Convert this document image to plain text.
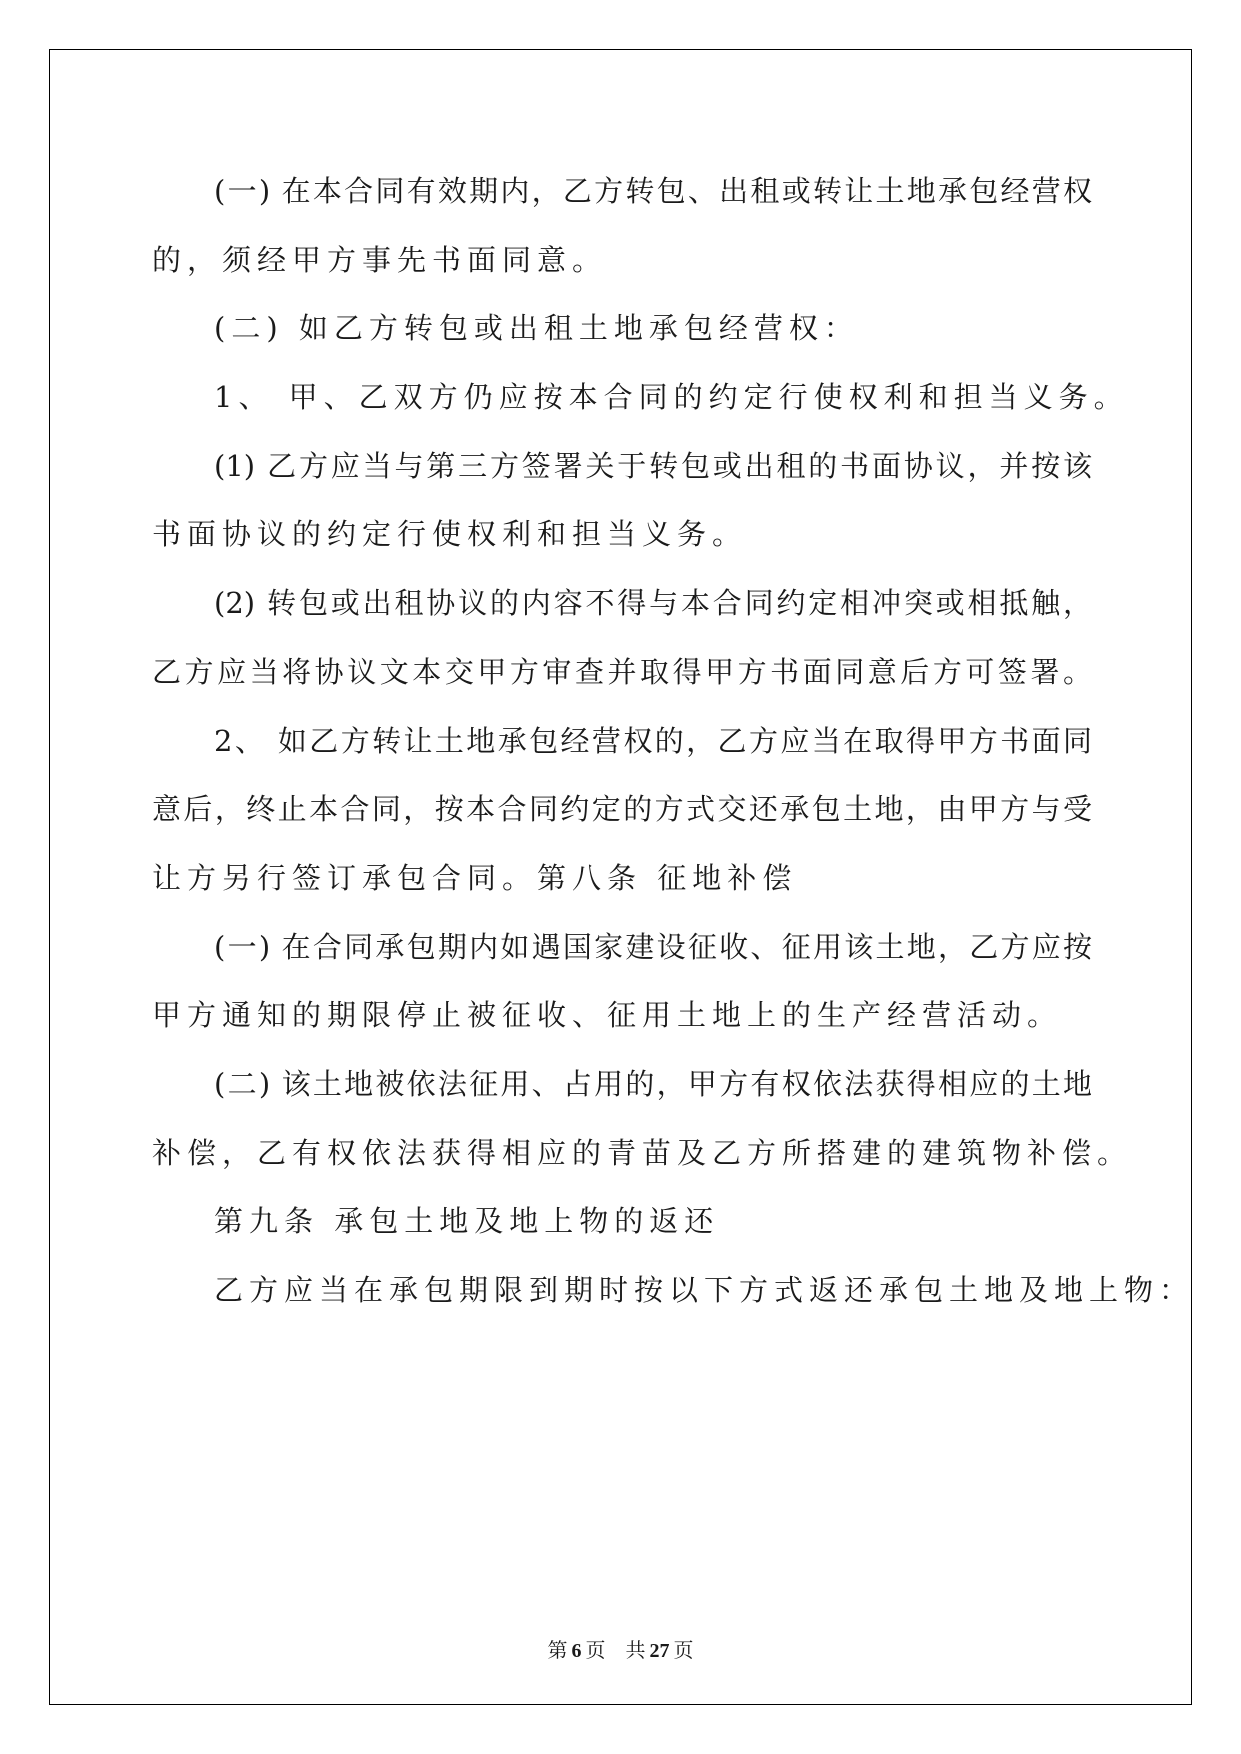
(一) 在本合同有效期内，乙方转包、出租或转让土地承包经营权
的，须经甲方事先书面同意。
(二) 如乙方转包或出租土地承包经营权：
1、 甲、乙双方仍应按本合同的约定行使权利和担当义务。
(1) 乙方应当与第三方签署关于转包或出租的书面协议，并按该
书面协议的约定行使权利和担当义务。
(2) 转包或出租协议的内容不得与本合同约定相冲突或相抵触，
乙方应当将协议文本交甲方审查并取得甲方书面同意后方可签署。
2、 如乙方转让土地承包经营权的，乙方应当在取得甲方书面同
意后，终止本合同，按本合同约定的方式交还承包土地，由甲方与受
让方另行签订承包合同。第八条 征地补偿
(一) 在合同承包期内如遇国家建设征收、征用该土地，乙方应按
甲方通知的期限停止被征收、征用土地上的生产经营活动。
(二) 该土地被依法征用、占用的，甲方有权依法获得相应的土地
补偿，乙有权依法获得相应的青苗及乙方所搭建的建筑物补偿。
第九条 承包土地及地上物的返还
乙方应当在承包期限到期时按以下方式返还承包土地及地上物：
第 6 页　共 27 页
